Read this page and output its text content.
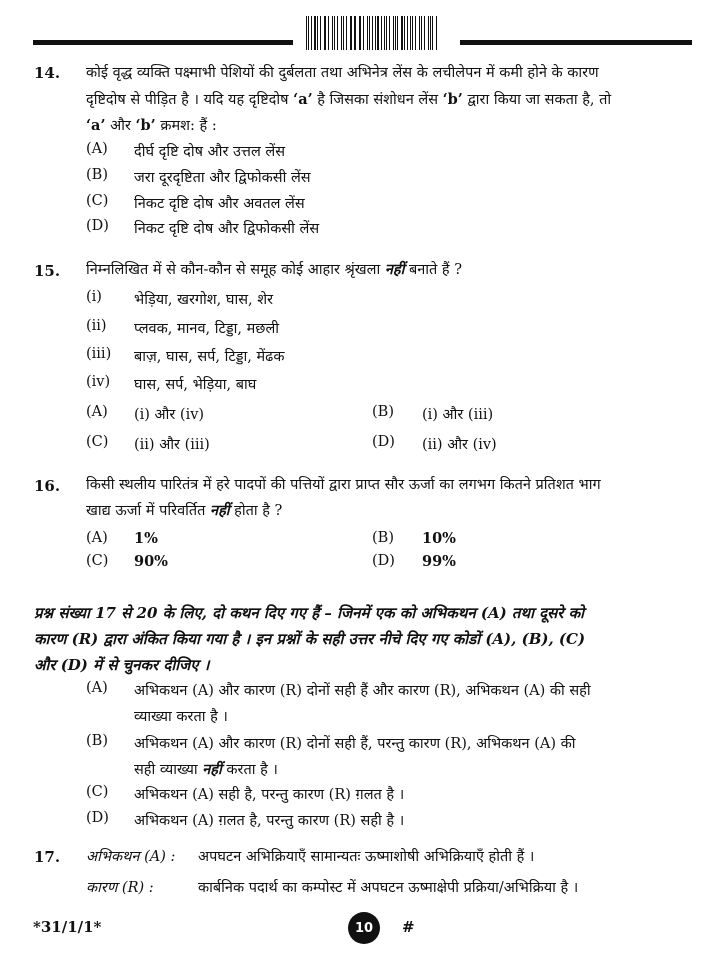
14. कोई वृद्ध व्यक्ति पक्ष्माभी पेशियों की दुर्बलता तथा अभिनेत्र लेंस के लचीलेपन में कमी होने के कारण
दृष्टिदोष से पीड़ित है । यदि यह दृष्टिदोष ‘a’ है जिसका संशोधन लेंस ‘b’ द्वारा किया जा सकता है, तो
‘a’ और ‘b’ क्रमश: हैं :
(A) दीर्घ दृष्टि दोष और उत्तल लेंस
(B) जरा दूरदृष्टिता और द्विफोकसी लेंस
(C) निकट दृष्टि दोष और अवतल लेंस
(D) निकट दृष्टि दोष और द्विफोकसी लेंस
15. निम्नलिखित में से कौन-कौन से समूह कोई आहार श्रृंखला नहीं बनाते हैं ?
(i) भेड़िया, खरगोश, घास, शेर
(ii) प्लवक, मानव, टिड्डा, मछली
(iii) बाज़, घास, सर्प, टिड्डा, मेंढक
(iv) घास, सर्प, भेड़िया, बाघ
(A) (i) और (iv)	(B) (i) और (iii)
(C) (ii) और (iii)	(D) (ii) और (iv)
16. किसी स्थलीय पारितंत्र में हरे पादपों की पत्तियों द्वारा प्राप्त सौर ऊर्जा का लगभग कितने प्रतिशत भाग
खाद्य ऊर्जा में परिवर्तित नहीं होता है ?
(A) 1%	(B) 10%
(C) 90%	(D) 99%
प्रश्न संख्या 17 से 20 के लिए, दो कथन दिए गए हैं – जिनमें एक को अभिकथन (A) तथा दूसरे को
कारण (R) द्वारा अंकित किया गया है । इन प्रश्नों के सही उत्तर नीचे दिए गए कोडों (A), (B), (C)
और (D) में से चुनकर दीजिए ।
(A) अभिकथन (A) और कारण (R) दोनों सही हैं और कारण (R), अभिकथन (A) की सही
व्याख्या करता है ।
(B) अभिकथन (A) और कारण (R) दोनों सही हैं, परन्तु कारण (R), अभिकथन (A) की
सही व्याख्या नहीं करता है ।
(C) अभिकथन (A) सही है, परन्तु कारण (R) ग़लत है ।
(D) अभिकथन (A) ग़लत है, परन्तु कारण (R) सही है ।
17. अभिकथन (A) : अपघटन अभिक्रियाएँ सामान्यतः ऊष्माशोषी अभिक्रियाएँ होती हैं ।
कारण (R) :	कार्बनिक पदार्थ का कम्पोस्ट में अपघटन ऊष्माक्षेपी प्रक्रिया/अभिक्रिया है ।
*31/1/1*	10	#
